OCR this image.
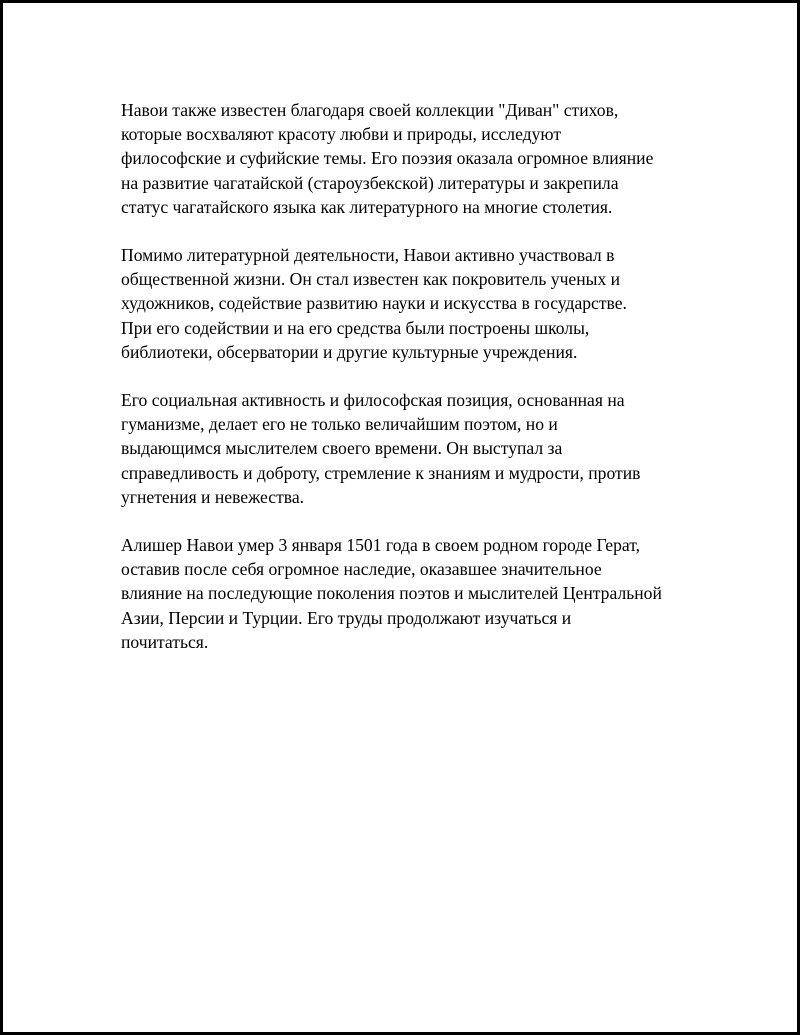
Навои также известен благодаря своей коллекции "Диван" стихов,
которые восхваляют красоту любви и природы, исследуют
философские и суфийские темы. Его поэзия оказала огромное влияние
на развитие чагатайской (староузбекской) литературы и закрепила
статус чагатайского языка как литературного на многие столетия.

Помимо литературной деятельности, Навои активно участвовал в
общественной жизни. Он стал известен как покровитель ученых и
художников, содействие развитию науки и искусства в государстве.
При его содействии и на его средства были построены школы,
библиотеки, обсерватории и другие культурные учреждения.

Его социальная активность и философская позиция, основанная на
гуманизме, делает его не только величайшим поэтом, но и
выдающимся мыслителем своего времени. Он выступал за
справедливость и доброту, стремление к знаниям и мудрости, против
угнетения и невежества.

Алишер Навои умер 3 января 1501 года в своем родном городе Герат,
оставив после себя огромное наследие, оказавшее значительное
влияние на последующие поколения поэтов и мыслителей Центральной
Азии, Персии и Турции. Его труды продолжают изучаться и
почитаться.
